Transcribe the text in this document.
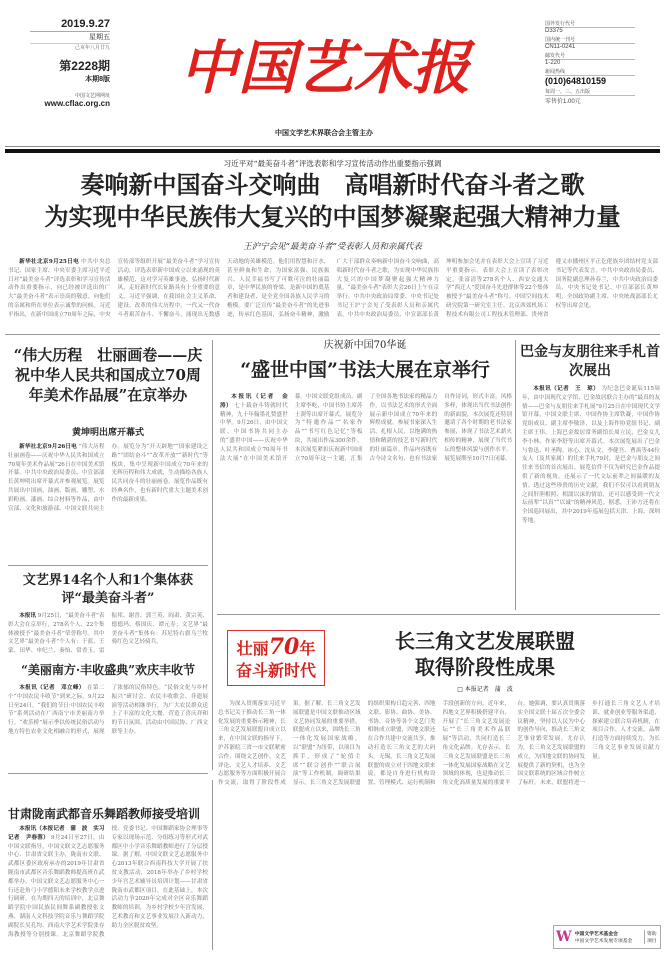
2019.9.27
星期五
己亥年八月廿九
第2228期
本期8版
中国文艺网网址
www.cflac.org.cn
中国艺术报
中国文学艺术界联合会主管主办
国外发行代号
D3375
国内统一刊号
CN11-0241
邮发代号
1-220
新闻热线
(010)64810159
每周一、三、五出版
零售价1.00元
习近平对“最美奋斗者”评选表彰和学习宣传活动作出重要指示强调
奏响新中国奋斗交响曲　高唱新时代奋斗者之歌
为实现中华民族伟大复兴的中国梦凝聚起强大精神力量
王沪宁会见“最美奋斗者”受表彰人员和亲属代表

新华社北京9月25日电 中共中央总书记、国家主席、中央军委主席习近平近日对“最美奋斗者”评选表彰和学习宣传活动作出重要指示，向已经被评选出的广大“最美奋斗者”表示崇高的敬意，向他们的亲属和所在单位表示诚挚的问候。习近平指出，在新中国成立70周年之际，中央宣传部等组织开展“最美奋斗者”学习宣传活动，评选表彰新中国成立以来涌现的英雄模范，这对学习英雄事迹、弘扬时代新风，走好新时代长征路具有十分重要的意义。习近平强调，在我国社会主义革命、建设、改革的伟大历程中，一代又一代奋斗者艰苦奋斗、不懈奋斗，涌现出无数感天动地的英雄模范。他们用智慧和汗水，甚至鲜血和生命，为国家富强、民族振兴、人民幸福书写了可歌可泣的壮丽篇章，是中华民族的脊梁，是新中国的奠基者和建设者，是全党全国各族人民学习的楷模。要广泛宣传“最美奋斗者”的先进事迹，传承红色基因，弘扬奋斗精神，激励广大干部群众奏响新中国奋斗交响曲，高唱新时代奋斗者之歌，为实现中华民族伟大复兴的中国梦凝聚起强大精神力量。“最美奋斗者”表彰大会26日上午在京举行。中共中央政治局常委、中央书记处书记王沪宁会见了受表彰人员和亲属代表。中共中央政治局委员、中宣部部长黄坤明参加会见并在表彰大会上宣读了习近平重要指示。表彰大会上宣读了表彰决定，张富清等278名个人、西安交通大学“西迁人”爱国奋斗先进群体等22个集体被授予“最美奋斗者”称号。中国空间技术研究院第一研究室主任、北京西郊机场工程技术有限公司工程技术管理部、贵州省遵义市播州区平正仡佬族乡团结村党支部书记等代表发言。中共中央政治局委员、国务院副总理孙春兰，中共中央政治局委员、中央书记处书记、中宣部部长黄坤明，全国政协副主席、中央统战部部长尤权等出席会见。

“伟大历程　壮丽画卷——庆祝中华人民共和国成立70周年美术作品展”在京举办
黄坤明出席开幕式

新华社北京9月26日电 “伟大历程 壮丽画卷——庆祝中华人民共和国成立70周年美术作品展”26日在中国美术馆开幕。中共中央政治局委员、中宣部部长黄坤明出席开幕式并参观展览。展览共展出中国画、油画、版画、雕塑、水彩粉画、漆画、综合材料等作品，由中宣部、文化和旅游部、中国文联共同主办。展览分为“开天辟地”“国家建设之路”“团结奋斗”“改革开放”“新时代”等板块，集中呈现新中国成立70年来的光辉历程和伟大成就，生动描绘各族人民共同奋斗的壮丽画卷。展览作品既有经典名作，也有新时代重大主题美术创作的最新成果。

文艺界14名个人和1个集体获评“最美奋斗者”

本报讯 9月25日，“最美奋斗者”表彰大会在京举行，278名个人、22个集体被授予“最美奋斗者”荣誉称号。其中文艺界“最美奋斗者”个人有：于蓝、王蒙、田华、申纪兰、秦怡、常香玉、雷振邦、谢晋、郭兰英、阎肃、黄宗英、德德玛、蔡国庆、谭元寿；文艺界“最美奋斗者”集体有：苏尼特右旗乌兰牧骑红色文艺轻骑兵。

“美丽南方·丰收盛典”欢庆丰收节

本报讯（记者　邓立峰） 在第二个“中国农民丰收节”到来之际，9月22日至24日，“我们的节日·中国农民丰收节”系列活动在广西南宁市美丽南方举行。“欢乐桥”展示季以传统民俗活动与地方特色农业文化相融合的形式，展现了浓郁的民俗特色。“民俗文化与乡村振兴”研讨会、农民丰收歌会、非遗展演等活动相继举行，为广大农民群众送上了丰富的文化大餐，营造了喜庆祥和的节日氛围。活动由中国民协、广西文联等主办。

甘肃陇南武都音乐舞蹈教师接受培训

本报讯（本报记者　蒲　波　实习记者　尹春蓉） 9月24日至27日，由中国文联指导，中国文联文艺志愿服务中心、甘肃省文联主办，陇南市文联、武都区委区政府承办的2019年甘肃省陇南市武都区音乐舞蹈教师提高班在武都举办。中国文联文艺志愿服务中心一行还赴角弓小学德阳未来学校教学点进行调研。在为期四天的培训中，北京舞蹈学院中国民族民间舞系副教授张文燕、湖南人文科技学院音乐与舞蹈学院副院长吴孔均、西南大学艺术学院张存海教授等分别授课。北京舞蹈学院教授、党委书记、中国舞蹈家协会理事等专家以现场示范、分组练习等形式对武都区中小学音乐舞蹈教师进行了分层授课。据了解，中国文联文艺志愿服务中心2013年联合西南科技大学开展了扶贫支教活动，2018年举办了乡村学校少年宫艺术辅导员培训计划——甘肃省陇南市武都区项目，在此基础上，本次活动力争2020年完成对全区音乐舞蹈教师的培训，为乡村学校少年宫发展、艺术教育和文艺事业发展注入新动力，助力全区脱贫攻坚。

庆祝新中国70华诞
“盛世中国”书法大展在京举行

本报讯（记者　金　涛） 七十载奋斗铸就时代精神，九十年翰墨礼赞盛世中华。9月26日，由中国文联、中国书协共同主办的“盛世中国——庆祝中华人民共和国成立70周年书法大展”在中国美术馆开幕。中国文联党组成员、副主席李屹，中国书协主席苏士澍等出席开幕式。展览分为“特邀作品”“名家作品”“书写红色记忆”等板块，共展出作品300余件。本次展览紧扣庆祝新中国成立70周年这一主题，汇集了全国各地书法家的精品力作，以书法艺术的形式全面展示新中国成立70年来的辉煌成就。参展书家深入生活、扎根人民，以饱满的热情和精湛的技艺书写新时代的壮丽篇章。作品内容既有古今诗文名句，也有书法家自作诗词，形式丰富，风格多样，体现出当代书法创作的新面貌。本次展览还特别邀请了各个时期的老书法家参展，体现了书法艺术薪火相传的精神，展现了当代书坛的整体风貌与创作水平。展览展期至10月7日闭幕。

巴金与友朋往来手札首次展出

本报讯（记者　王　琼） 为纪念巴金诞辰115周年，由中国现代文学馆、巴金故居联合主办的“最真的友情——巴金与友朋往来手札展”9月25日在中国现代文学馆开幕。中国文联主席、中国作协主席铁凝，中国作协党组成员、副主席李敬泽，以及上海作协党组书记、副主席王伟，上海巴金故居常务副馆长周立民，巴金女儿李小林、作家李舒等出席开幕式。本次展览展出了巴金与鲁迅、叶圣陶、冰心、沈从文、李健吾、曹禺等44位友人（及其家属）的往来手札79封，是巴金与朋友之间往来书信的首次展出。展览信件不仅为研究巴金作品提供了新的视角，还展示了一代文坛前辈之间温暖的友情。透过这些珍贵的历史文献，我们不仅可以看到朋友之间肝胆相照、相濡以沫的情谊，还可以感受到一代文坛前辈“以真”“以诚”的精神风范。据悉，王沛方还将在全国巡回展出，其中2019年巡展包括天津、上海、深圳等地。

壮丽70年
奋斗新时代
长三角文艺发展联盟
取得阶段性成果
□ 本报记者　蒲　波

为深入贯彻落实习近平总书记关于推动长三角一体化发展的重要指示精神，长三角文艺发展联盟自成立以来，在中国文联的指导下，沪苏浙皖三省一市文联紧密合作，围绕文艺创作、文艺评论、文艺人才培养、文艺志愿服务等方面积极开展合作交流，取得了阶段性成果。据了解，长三角文艺发展联盟是中国文联推动区域文艺协同发展的重要举措。联盟成立以来，围绕长三角一体化发展国家战略，以“联盟”为纽带，以项目为抓手，形成了“轮值主席”“联合创作”“联合展演”等工作机制。调研结果显示，长三角文艺发展联盟的组织架构日趋完善，四地文联、影协、曲协、美协、书协、音协等各个文艺门类相继成立联盟，四地文联还在合作共建中交流共享，推动打造长三角文艺的大码头。无锡，长三角文艺发展联盟的成立对于四地文联来说，都是自身进行机构设置、管理模式、运行机制和手段创新的方向。近年来，四地文艺界积极搭建平台，开展了“长三角文艺发展论坛”“长三角美术作品联展”等活动，共同打造长三角文化品牌。尤存表示，长三角文艺发展联盟是长三角一体化发展国家战略在文艺领域的体现，也是推动长三角文化高质量发展的重要平台。她强调，要认真贯彻落实全国文联十届五次全委会议精神，坚持以人民为中心的创作导向，推动长三角文艺事业繁荣发展。尤存认为，长三角文艺发展联盟的成立，为四地文联的协同发展提供了新的契机，也为全国文联系统的区域合作树立了标杆。未来，联盟将进一步打通长三角文艺人才培训、就业创业等服务渠道，探索建立联合培养机制，在项目合作、人才交流、品牌打造等方面持续发力，为长三角文艺事业发展贡献力量。

W 中国文学艺术基金会
中国文学艺术发展专项基金
资助项目
